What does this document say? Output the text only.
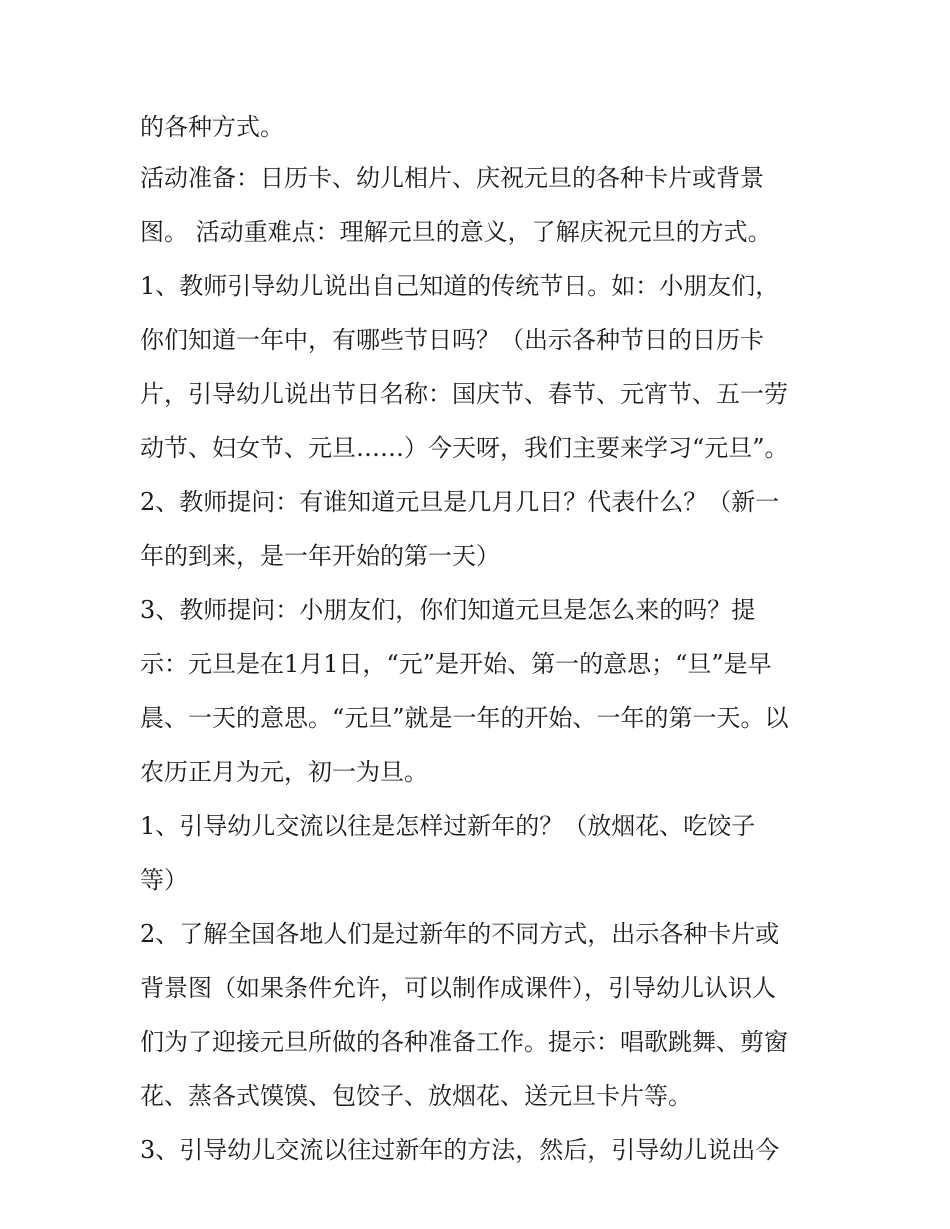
的各种方式。
活动准备：日历卡、幼儿相片、庆祝元旦的各种卡片或背景
图。 活动重难点：理解元旦的意义，了解庆祝元旦的方式。
1、教师引导幼儿说出自己知道的传统节日。如：小朋友们，
你们知道一年中，有哪些节日吗？（出示各种节日的日历卡
片，引导幼儿说出节日名称：国庆节、春节、元宵节、五一劳
动节、妇女节、元旦……）今天呀，我们主要来学习“元旦”。
2、教师提问：有谁知道元旦是几月几日？代表什么？（新一
年的到来，是一年开始的第一天）
3、教师提问：小朋友们，你们知道元旦是怎么来的吗？提
示：元旦是在1月1日，“元”是开始、第一的意思；“旦”是早
晨、一天的意思。“元旦”就是一年的开始、一年的第一天。以
农历正月为元，初一为旦。
1、引导幼儿交流以往是怎样过新年的？（放烟花、吃饺子
等）
2、了解全国各地人们是过新年的不同方式，出示各种卡片或
背景图（如果条件允许，可以制作成课件），引导幼儿认识人
们为了迎接元旦所做的各种准备工作。提示：唱歌跳舞、剪窗
花、蒸各式馍馍、包饺子、放烟花、送元旦卡片等。
3、引导幼儿交流以往过新年的方法，然后，引导幼儿说出今
